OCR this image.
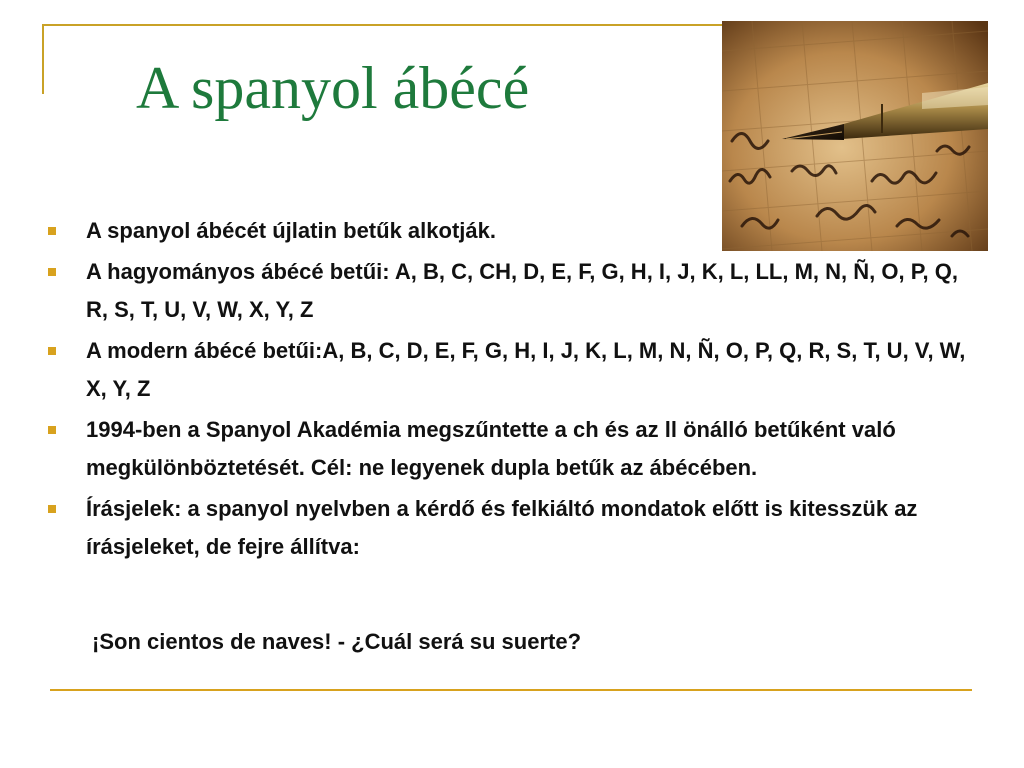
A spanyol ábécé
A spanyol ábécét újlatin betűk alkotják.
A hagyományos ábécé betűi: A, B, C, CH, D, E, F, G, H, I, J, K, L, LL, M, N, Ñ, O, P, Q, R, S, T, U, V, W, X, Y, Z
A modern ábécé betűi:A, B, C, D, E, F, G, H, I, J, K, L, M, N, Ñ, O, P, Q, R, S, T, U, V, W, X, Y, Z
1994-ben a Spanyol Akadémia megszűntette a ch és az ll önálló betűként való megkülönböztetését. Cél: ne legyenek dupla betűk az ábécében.
Írásjelek: a spanyol nyelvben a kérdő és felkiáltó mondatok előtt is kitesszük az írásjeleket, de fejre állítva:
¡Son cientos de naves! - ¿Cuál será su suerte?
